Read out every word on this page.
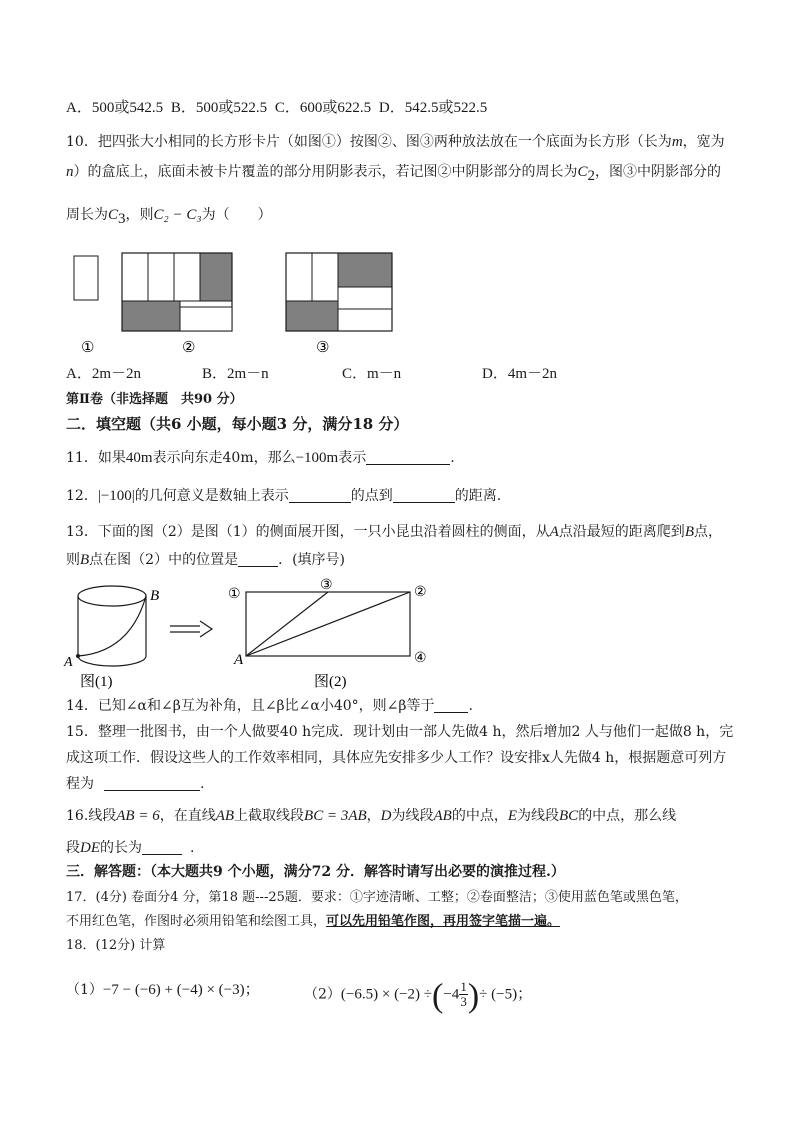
A．500或542.5 B．500或522.5 C．600或622.5 D．542.5或522.5
10．把四张大小相同的长方形卡片（如图①）按图②、图③两种放法放在一个底面为长方形（长为m，宽为
n）的盒底上，底面未被卡片覆盖的部分用阴影表示，若记图②中阴影部分的周长为$C_2$，图③中阴影部分的
周长为$C_3$，则C₂ − C₃为（　　）
①	②	③
A．2m－2n	B．2m－n	C．m－n	D．4m－2n
第Ⅱ卷（非选择题　共90 分）
二．填空题（共6 小题，每小题3 分，满分18 分）
11．如果40m表示向东走40m，那么−100m表示	.
12．|−100|的几何意义是数轴上表示	的点到	的距离.
13．下面的图（2）是图（1）的侧面展开图，一只小昆虫沿着圆柱的侧面，从A点沿最短的距离爬到B点，
则B点在图（2）中的位置是	．(填序号)
B
A
图(1)
①	②
③
④
A
图(2)
14．已知∠α和∠β互为补角，且∠β比∠α小40°，则∠β等于 .
15．整理一批图书，由一个人做要40 h完成．现计划由一部人先做4 h，然后增加2 人与他们一起做8 h，完
成这项工作．假设这些人的工作效率相同，具体应先安排多少人工作？设安排x人先做4 h，根据题意可列方
程为	.
16.线段AB = 6，在直线AB上截取线段BC = 3AB，D为线段AB的中点，E为线段BC的中点，那么线
段DE的长为	.
三．解答题：（本大题共9 个小题，满分72 分．解答时请写出必要的演推过程.）
17．(4分) 卷面分4 分，第18 题---25题．要求：①字迹清晰、工整；②卷面整洁；③使用蓝色笔或黑色笔，
不用红色笔，作图时必须用铅笔和绘图工具，可以先用铅笔作图，再用签字笔描一遍。
18．(12分) 计算
（1）−7 − (−6) + (−4) × (−3)；	$(2)(-6.5) \times (-2) \div(-4 \frac{1}{3}$ )÷ (−5)；
